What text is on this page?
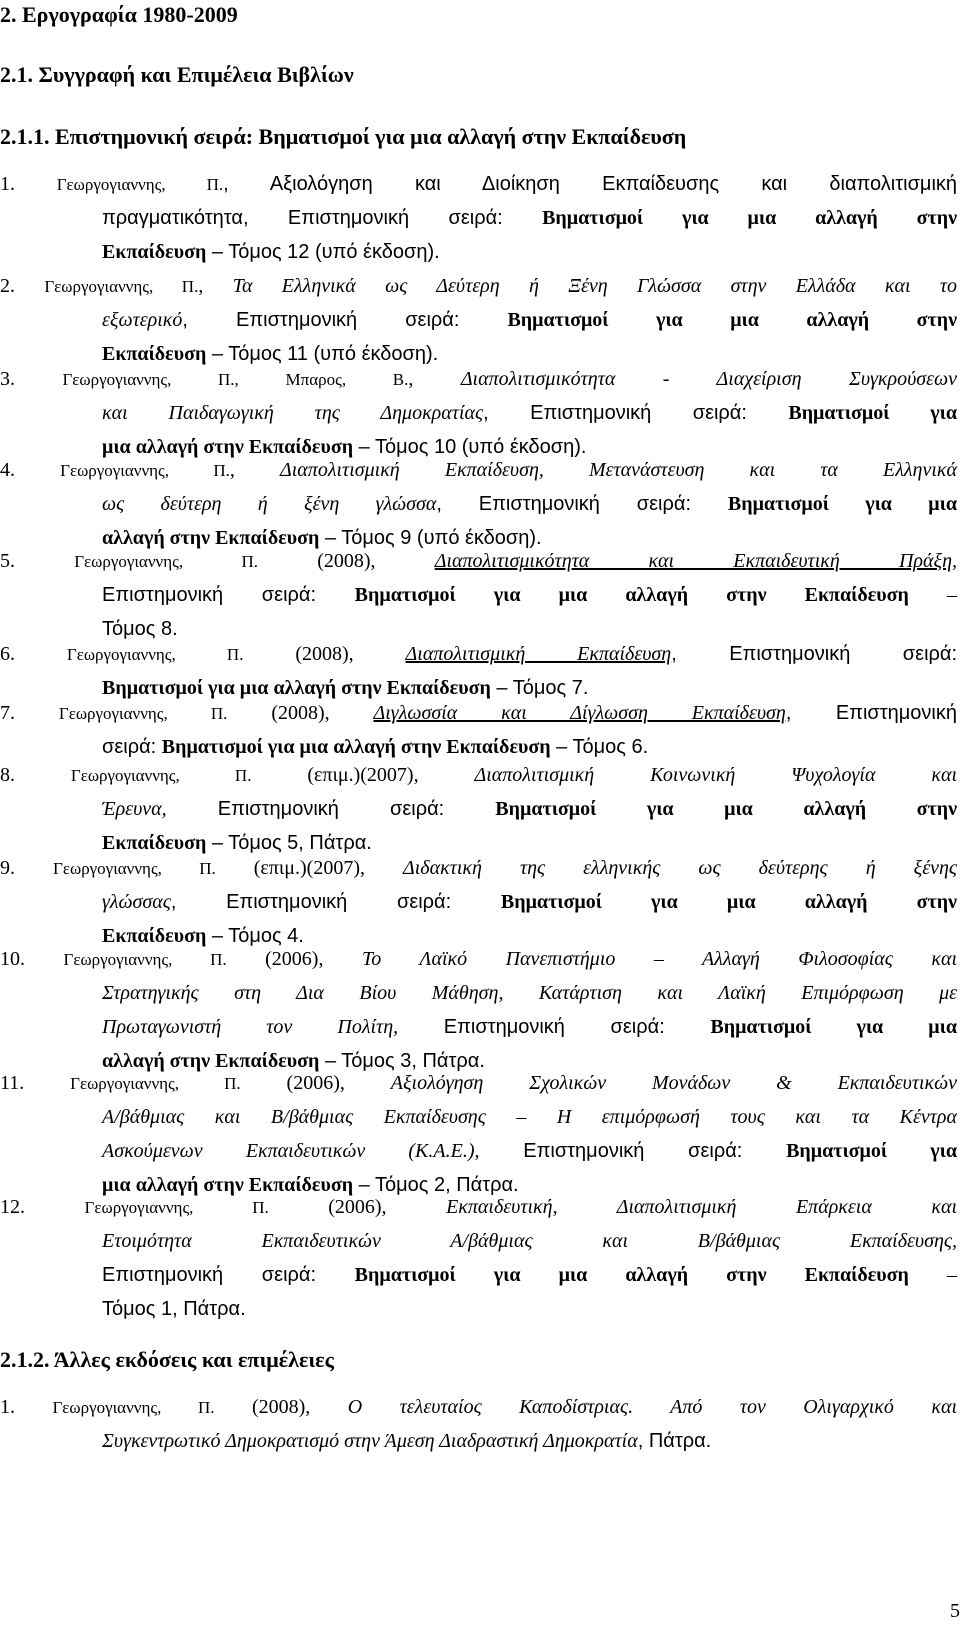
2. Εργογραφία 1980-2009
2.1. Συγγραφή και Επιμέλεια Βιβλίων
2.1.1. Επιστημονική σειρά: Βηματισμοί για μια αλλαγή στην Εκπαίδευση
1. Γεωργογιαννης, Π., Αξιολόγηση και Διοίκηση Εκπαίδευσης και διαπολιτισμική
πραγματικότητα, Επιστημονική σειρά: Βηματισμοί για μια αλλαγή στην
Εκπαίδευση – Τόμος 12 (υπό έκδοση).
2. Γεωργογιαννης, Π., Τα Ελληνικά ως Δεύτερη ή Ξένη Γλώσσα στην Ελλάδα και το
εξωτερικό, Επιστημονική σειρά: Βηματισμοί για μια αλλαγή στην
Εκπαίδευση – Τόμος 11 (υπό έκδοση).
3. Γεωργογιαννης, Π., Μπαρος, Β., Διαπολιτισμικότητα - Διαχείριση Συγκρούσεων
και Παιδαγωγική της Δημοκρατίας, Επιστημονική σειρά: Βηματισμοί για
μια αλλαγή στην Εκπαίδευση – Τόμος 10 (υπό έκδοση).
4. Γεωργογιαννης, Π., Διαπολιτισμική Εκπαίδευση, Μετανάστευση και τα Ελληνικά
ως δεύτερη ή ξένη γλώσσα, Επιστημονική σειρά: Βηματισμοί για μια
αλλαγή στην Εκπαίδευση – Τόμος 9 (υπό έκδοση).
5. Γεωργογιαννης, Π. (2008), Διαπολιτισμικότητα και Εκπαιδευτική Πράξη,
Επιστημονική σειρά: Βηματισμοί για μια αλλαγή στην Εκπαίδευση –
Τόμος 8.
6. Γεωργογιαννης, Π. (2008), Διαπολιτισμική Εκπαίδευση, Επιστημονική σειρά:
Βηματισμοί για μια αλλαγή στην Εκπαίδευση – Τόμος 7.
7. Γεωργογιαννης, Π. (2008), Διγλωσσία και Δίγλωσση Εκπαίδευση, Επιστημονική
σειρά: Βηματισμοί για μια αλλαγή στην Εκπαίδευση – Τόμος 6.
8. Γεωργογιαννης, Π. (επιμ.)(2007), Διαπολιτισμική Κοινωνική Ψυχολογία και
Έρευνα, Επιστημονική σειρά: Βηματισμοί για μια αλλαγή στην
Εκπαίδευση – Τόμος 5, Πάτρα.
9. Γεωργογιαννης, Π. (επιμ.)(2007), Διδακτική της ελληνικής ως δεύτερης ή ξένης
γλώσσας, Επιστημονική σειρά: Βηματισμοί για μια αλλαγή στην
Εκπαίδευση – Τόμος 4.
10. Γεωργογιαννης, Π. (2006), Το Λαϊκό Πανεπιστήμιο – Αλλαγή Φιλοσοφίας και
Στρατηγικής στη Δια Βίου Μάθηση, Κατάρτιση και Λαϊκή Επιμόρφωση με
Πρωταγωνιστή τον Πολίτη, Επιστημονική σειρά: Βηματισμοί για μια
αλλαγή στην Εκπαίδευση – Τόμος 3, Πάτρα.
11. Γεωργογιαννης, Π. (2006), Αξιολόγηση Σχολικών Μονάδων & Εκπαιδευτικών
Α/βάθμιας και Β/βάθμιας Εκπαίδευσης – Η επιμόρφωσή τους και τα Κέντρα
Ασκούμενων Εκπαιδευτικών (Κ.Α.Ε.), Επιστημονική σειρά: Βηματισμοί για
μια αλλαγή στην Εκπαίδευση – Τόμος 2, Πάτρα.
12. Γεωργογιαννης, Π. (2006), Εκπαιδευτική, Διαπολιτισμική Επάρκεια και
Ετοιμότητα Εκπαιδευτικών Α/βάθμιας και Β/βάθμιας Εκπαίδευσης,
Επιστημονική σειρά: Βηματισμοί για μια αλλαγή στην Εκπαίδευση –
Τόμος 1, Πάτρα.
2.1.2. Άλλες εκδόσεις και επιμέλειες
1. Γεωργογιαννης, Π. (2008), Ο τελευταίος Καποδίστριας. Από τον Ολιγαρχικό και
Συγκεντρωτικό Δημοκρατισμό στην Άμεση Διαδραστική Δημοκρατία, Πάτρα.
5
